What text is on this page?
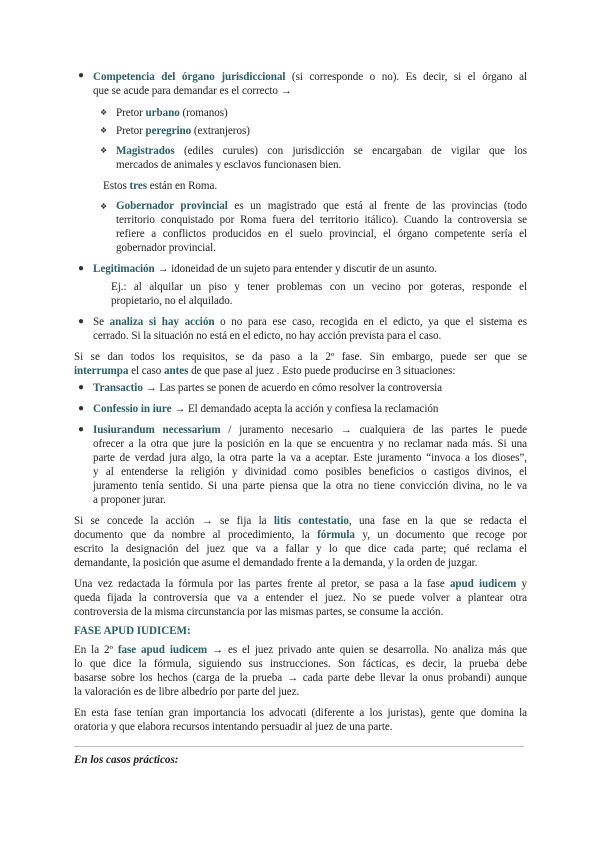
● Competencia del órgano jurisdiccional (si corresponde o no). Es decir, si el órgano al
que se acude para demandar es el correcto →
❖ Pretor urbano (romanos)
❖ Pretor peregrino (extranjeros)
❖ Magistrados (ediles curules) con jurisdicción se encargaban de vigilar que los
mercados de animales y esclavos funcionasen bien.
Estos tres están en Roma.
❖ Gobernador provincial es un magistrado que está al frente de las provincias (todo
territorio conquistado por Roma fuera del territorio itálico). Cuando la controversia se
refiere a conflictos producidos en el suelo provincial, el órgano competente sería el
gobernador provincial.
● Legitimación → idoneidad de un sujeto para entender y discutir de un asunto.
Ej.: al alquilar un piso y tener problemas con un vecino por goteras, responde el
propietario, no el alquilado.
● Se analiza si hay acción o no para ese caso, recogida en el edicto, ya que el sistema es
cerrado. Si la situación no está en el edicto, no hay acción prevista para el caso.
Si se dan todos los requisitos, se da paso a la 2º fase. Sin embargo, puede ser que se
interrumpa el caso antes de que pase al juez . Esto puede producirse en 3 situaciones:
● Transactio → Las partes se ponen de acuerdo en cómo resolver la controversia
● Confessio in iure → El demandado acepta la acción y confiesa la reclamación
● Iusiurandum necessarium / juramento necesario → cualquiera de las partes le puede
ofrecer a la otra que jure la posición en la que se encuentra y no reclamar nada más. Si una
parte de verdad jura algo, la otra parte la va a aceptar. Este juramento “invoca a los dioses”,
y al entenderse la religión y divinidad como posibles beneficios o castigos divinos, el
juramento tenía sentido. Si una parte piensa que la otra no tiene convicción divina, no le va
a proponer jurar.
Si se concede la acción → se fija la litis contestatio, una fase en la que se redacta el
documento que da nombre al procedimiento, la fórmula y, un documento que recoge por
escrito la designación del juez que va a fallar y lo que dice cada parte; qué reclama el
demandante, la posición que asume el demandado frente a la demanda, y la orden de juzgar.
Una vez redactada la fórmula por las partes frente al pretor, se pasa a la fase apud iudicem y
queda fijada la controversia que va a entender el juez. No se puede volver a plantear otra
controversia de la misma circunstancia por las mismas partes, se consume la acción.
FASE APUD IUDICEM:
En la 2º fase apud iudicem → es el juez privado ante quien se desarrolla. No analiza más que
lo que dice la fórmula, siguiendo sus instrucciones. Son fácticas, es decir, la prueba debe
basarse sobre los hechos (carga de la prueba → cada parte debe llevar la onus probandi) aunque
la valoración es de libre albedrío por parte del juez.
En esta fase tenían gran importancia los advocati (diferente a los juristas), gente que domina la
oratoria y que elabora recursos intentando persuadir al juez de una parte.
En los casos prácticos:
